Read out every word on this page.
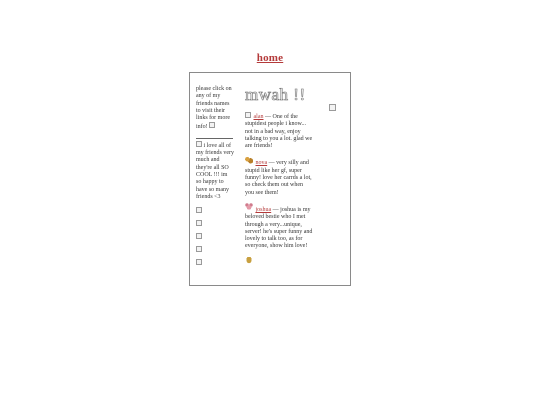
home
please click on any of my friends names to visit their links for more info!
i love all of my friends very much and they're all SO COOL !!! im so happy to have so many friends <3
mwah !!
alan — One of the stupidest people i know... not in a bad way, enjoy talking to you a lot. glad we are friends!
nova — very silly and stupid like her gf, super funny! love her carrds a lot, so check them out when you see them!
joshua — joshua is my beloved bestie who I met through a very...unique, server! he's super funny and lovely to talk too, as for everyone, show him love!
